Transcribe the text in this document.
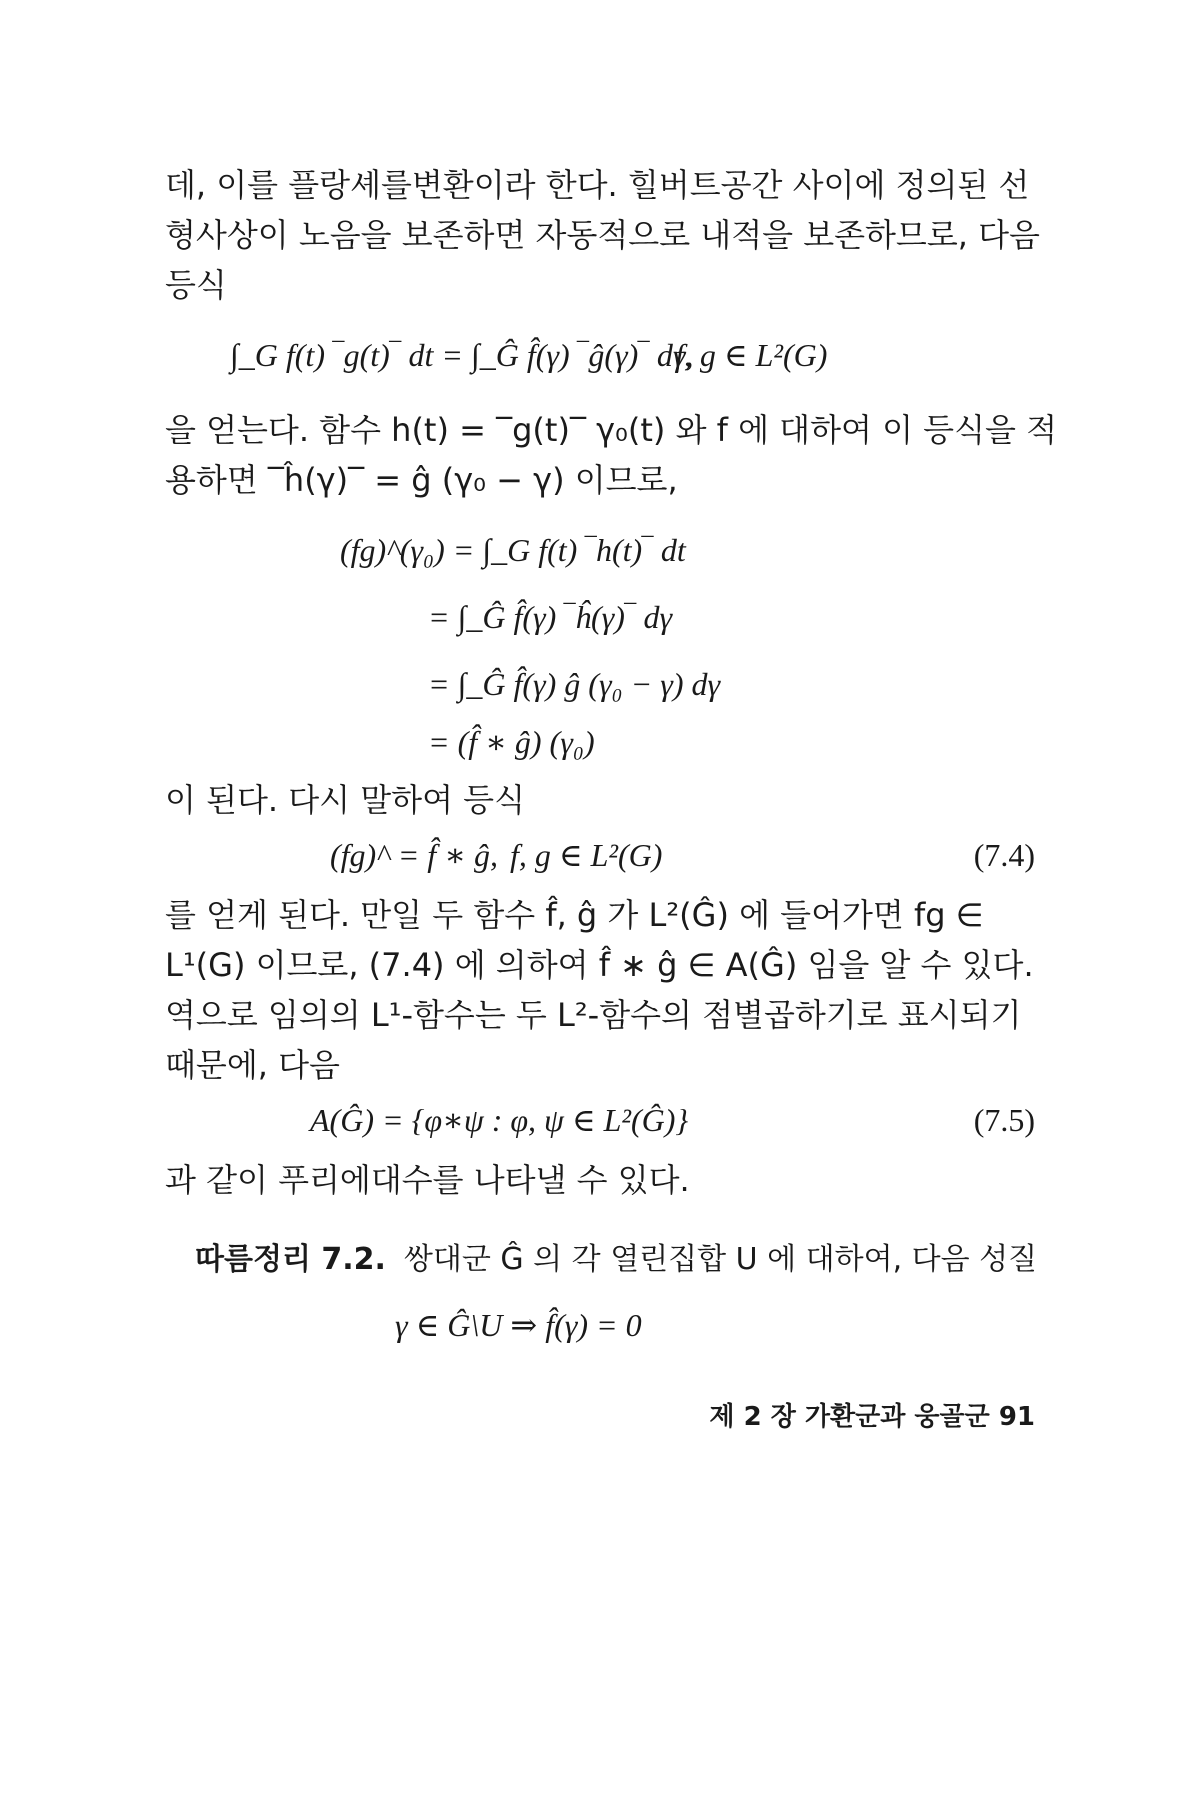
데, 이를 플랑셰를변환이라 한다. 힐버트공간 사이에 정의된 선
형사상이 노음을 보존하면 자동적으로 내적을 보존하므로, 다음
등식
∫_G f(t) ‾g(t)‾ dt = ∫_Ĝ f̂(γ) ‾ĝ(γ)‾ dγ,
f, g ∈ L²(G)
을 얻는다. 함수 h(t) = ‾g(t)‾ γ₀(t) 와 f 에 대하여 이 등식을 적
용하면 ‾ĥ(γ)‾ = ĝ (γ₀ − γ) 이므로,
(fg)^(γ₀) = ∫_G f(t) ‾h(t)‾ dt
= ∫_Ĝ f̂(γ) ‾ĥ(γ)‾ dγ
= ∫_Ĝ f̂(γ) ĝ (γ₀ − γ) dγ
= (f̂ ∗ ĝ) (γ₀)
이 된다. 다시 말하여 등식
(fg)^ = f̂ ∗ ĝ, f, g ∈ L²(G)	(7.4)
를 얻게 된다. 만일 두 함수 f̂, ĝ 가 L²(Ĝ) 에 들어가면 fg ∈
L¹(G) 이므로, (7.4) 에 의하여 f̂ ∗ ĝ ∈ A(Ĝ) 임을 알 수 있다.
역으로 임의의 L¹-함수는 두 L²-함수의 점별곱하기로 표시되기
때문에, 다음
A(Ĝ) = {φ∗ψ : φ, ψ ∈ L²(Ĝ)}	(7.5)
과 같이 푸리에대수를 나타낼 수 있다.
따름정리 7.2. 쌍대군 Ĝ 의 각 열린집합 U 에 대하여, 다음 성질
γ ∈ Ĝ\U ⇒ f̂(γ) = 0
제 2 장 가환군과 웅골군 91
